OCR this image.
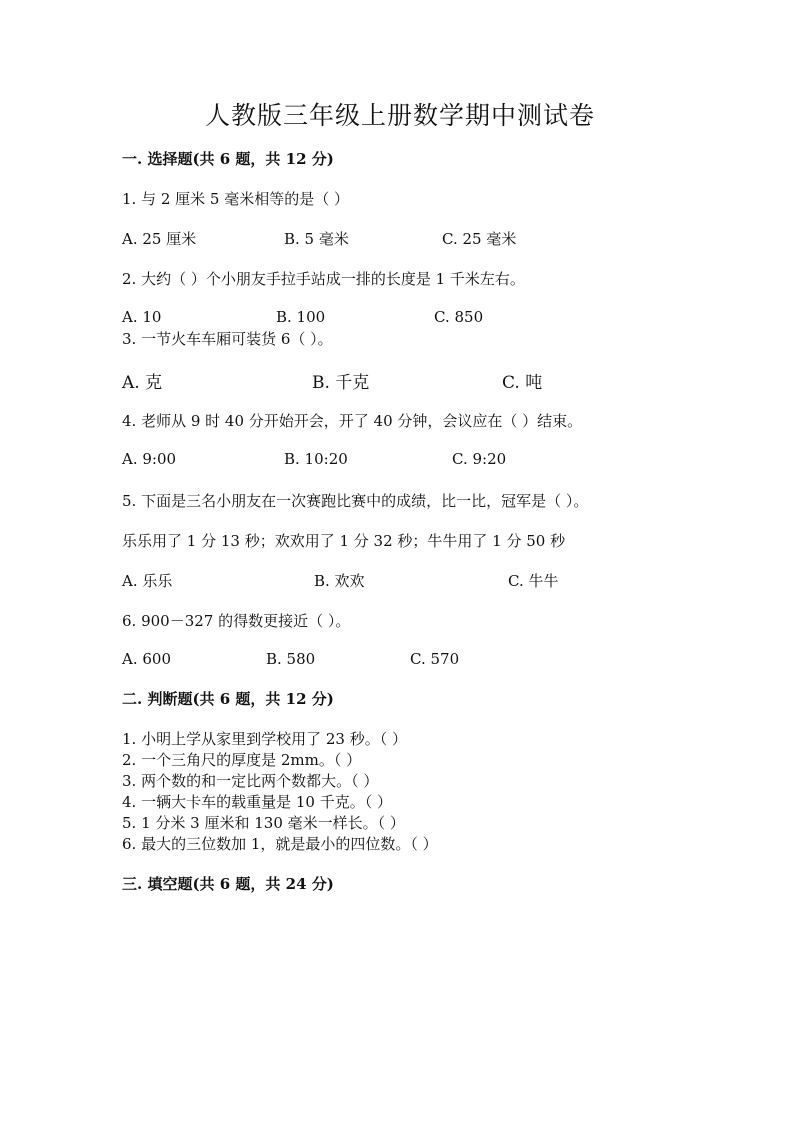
人教版三年级上册数学期中测试卷
一. 选择题(共 6 题，共 12 分)
1. 与 2 厘米 5 毫米相等的是（ ）
A. 25 厘米	B. 5 毫米	C. 25 毫米
2. 大约（ ）个小朋友手拉手站成一排的长度是 1 千米左右。
A. 10	B. 100	C. 850
3. 一节火车车厢可装货 6（ ）。
A. 克	B. 千克	C. 吨
4. 老师从 9 时 40 分开始开会，开了 40 分钟，会议应在（ ）结束。
A. 9:00	B. 10:20	C. 9:20
5. 下面是三名小朋友在一次赛跑比赛中的成绩，比一比，冠军是（ ）。
乐乐用了 1 分 13 秒；欢欢用了 1 分 32 秒；牛牛用了 1 分 50 秒
A. 乐乐	B. 欢欢	C. 牛牛
6. 900－327 的得数更接近（ ）。
A. 600	B. 580	C. 570
二. 判断题(共 6 题，共 12 分)
1. 小明上学从家里到学校用了 23 秒。（ ）
2. 一个三角尺的厚度是 2mm。（ ）
3. 两个数的和一定比两个数都大。（ ）
4. 一辆大卡车的载重量是 10 千克。（ ）
5. 1 分米 3 厘米和 130 毫米一样长。（ ）
6. 最大的三位数加 1，就是最小的四位数。（ ）
三. 填空题(共 6 题，共 24 分)
